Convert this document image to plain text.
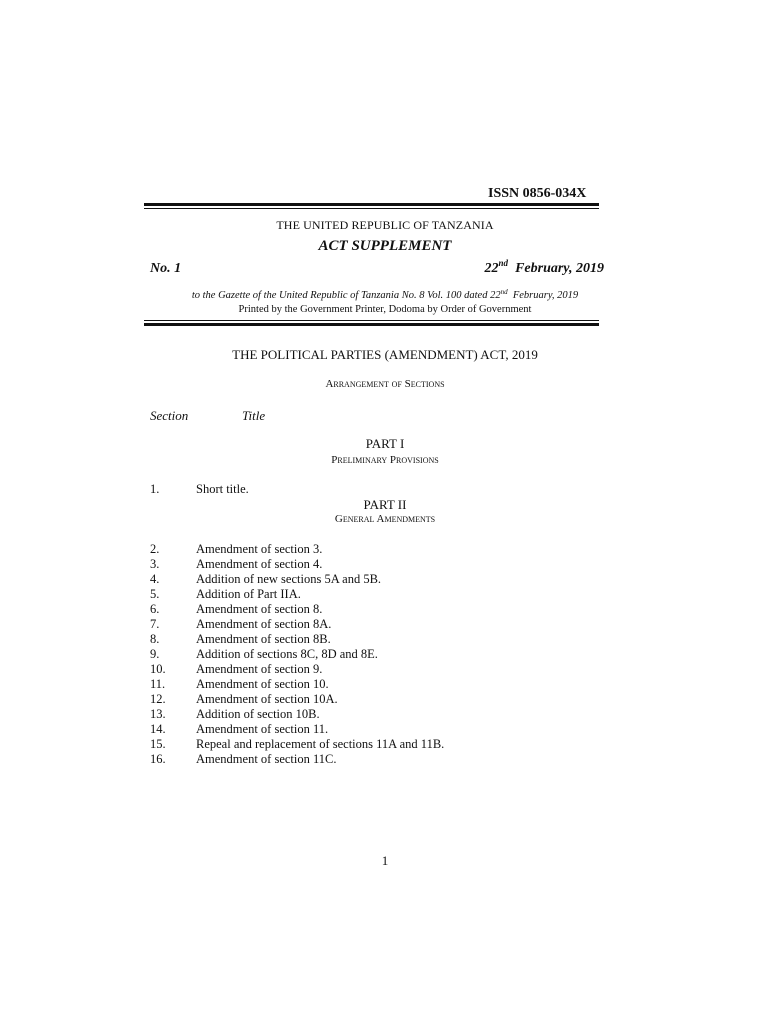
ISSN 0856-034X
THE UNITED REPUBLIC OF TANZANIA
ACT SUPPLEMENT
No. 1	22nd February, 2019
to the Gazette of the United Republic of Tanzania No. 8 Vol. 100 dated 22nd February, 2019
Printed by the Government Printer, Dodoma by Order of Government
THE POLITICAL PARTIES (AMENDMENT) ACT, 2019
Arrangement of Sections
Section	Title
PART I
Preliminary Provisions
1.	Short title.
PART II
General Amendments
2.	Amendment of section 3.
3.	Amendment of section 4.
4.	Addition of new sections 5A and 5B.
5.	Addition of Part IIA.
6.	Amendment of section 8.
7.	Amendment of section 8A.
8.	Amendment of section 8B.
9.	Addition of sections 8C, 8D and 8E.
10. Amendment of section 9.
11. Amendment of section 10.
12. Amendment of section 10A.
13. Addition of section 10B.
14. Amendment of section 11.
15. Repeal and replacement of sections 11A and 11B.
16. Amendment of section 11C.
1
